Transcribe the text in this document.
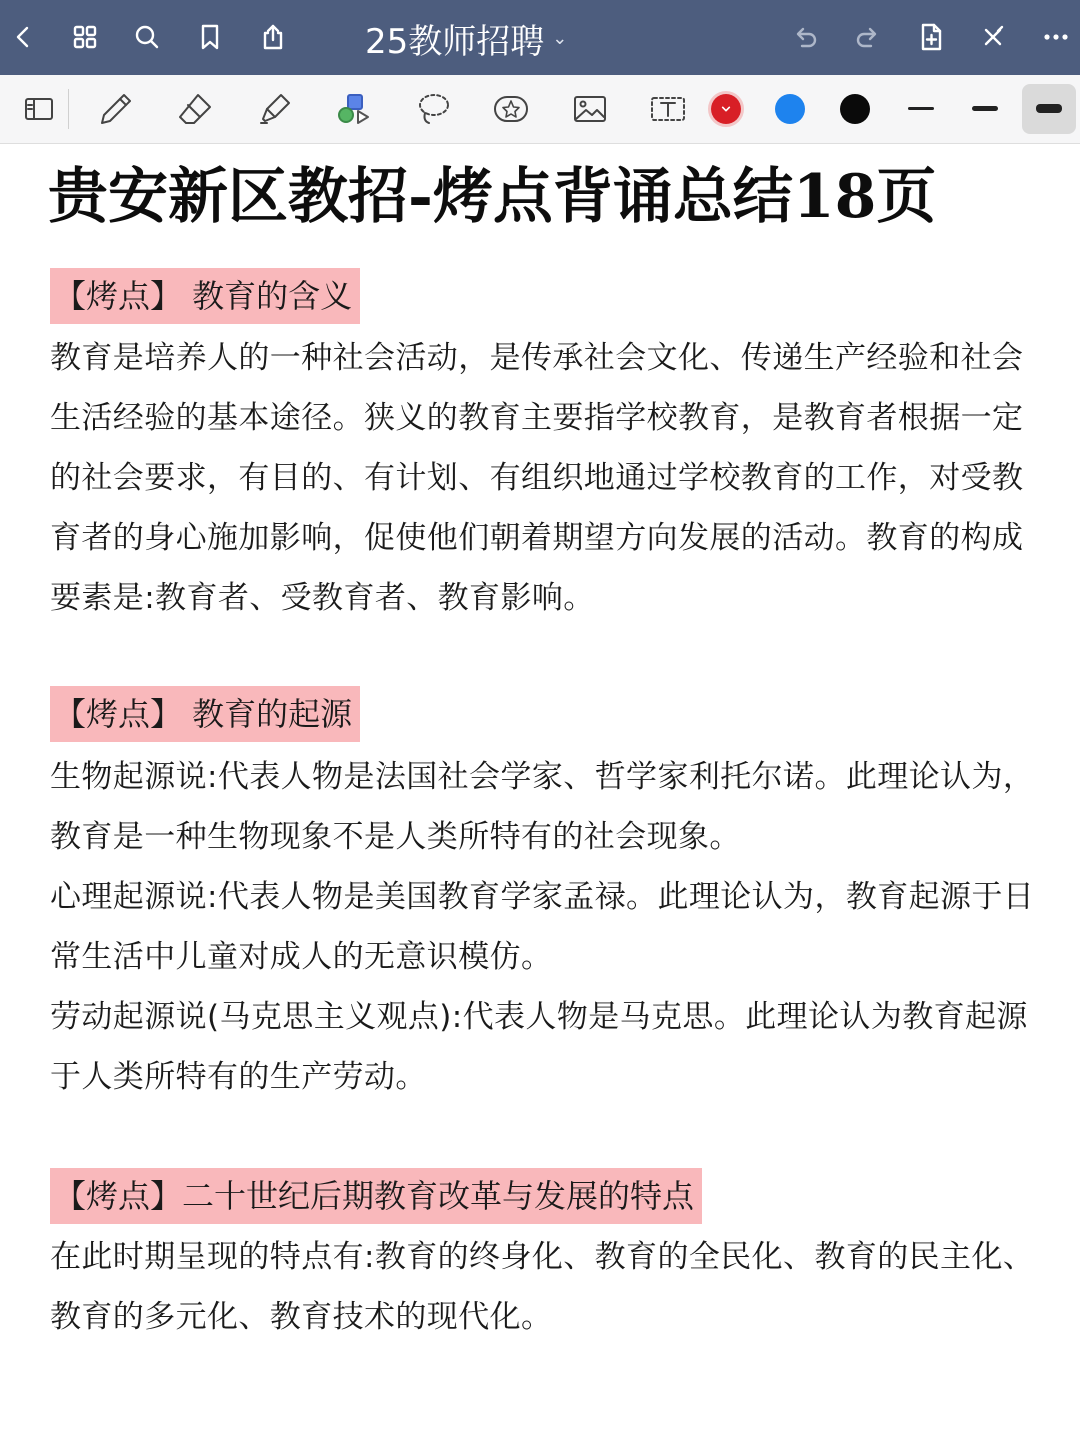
25教师招聘 ⌄
贵安新区教招-烤点背诵总结18页
【烤点】 教育的含义

教育是培养人的一种社会活动，是传承社会文化、传递生产经验和社会生活经验的基本途径。狭义的教育主要指学校教育，是教育者根据一定的社会要求，有目的、有计划、有组织地通过学校教育的工作，对受教育者的身心施加影响，促使他们朝着期望方向发展的活动。教育的构成要素是:教育者、受教育者、教育影响。

【烤点】 教育的起源

生物起源说:代表人物是法国社会学家、哲学家利托尔诺。此理论认为，教育是一种生物现象不是人类所特有的社会现象。

心理起源说:代表人物是美国教育学家孟禄。此理论认为，教育起源于日常生活中儿童对成人的无意识模仿。

劳动起源说(马克思主义观点):代表人物是马克思。此理论认为教育起源于人类所特有的生产劳动。

【烤点】二十世纪后期教育改革与发展的特点

在此时期呈现的特点有:教育的终身化、教育的全民化、教育的民主化、教育的多元化、教育技术的现代化。
